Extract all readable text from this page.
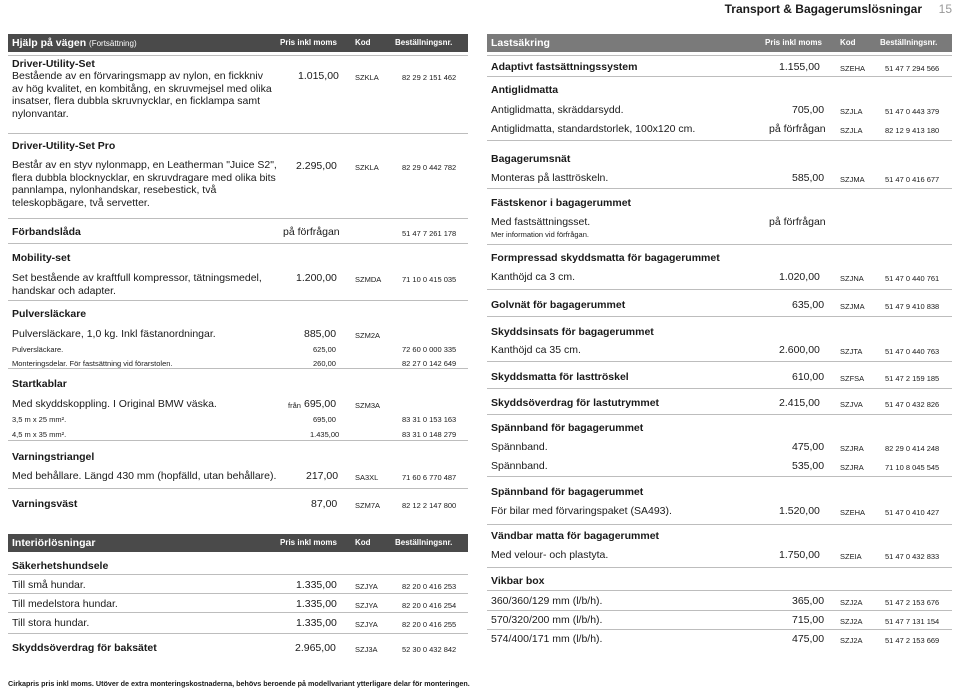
Transport & Bagagerumslösningar 15
Hjälp på vägen (Fortsättning)	Pris inkl moms Kod	Beställningsnr.
Driver-Utility-Set
Bestående av en förvaringsmapp av nylon, en fickkniv av hög kvalitet, en kombitång, en skruvmejsel med olika insatser, flera dubbla skruvnycklar, en ficklampa samt nylonvantar.
1.015,00 SZKLA	82 29 2 151 462
Driver-Utility-Set Pro
Består av en styv nylonmapp, en Leatherman "Juice S2", flera dubbla blocknycklar, en skruvdragare med olika bits pannlampa, nylonhandskar, resebestick, två teleskopbägare, två servetter.
2.295,00 SZKLA	82 29 0 442 782
Förbandslåda	på förfrågan	51 47 7 261 178
Mobility-set
Set bestående av kraftfull kompressor, tätningsmedel, handskar och adapter.
1.200,00 SZMDA	71 10 0 415 035
Pulversläckare
Pulversläckare, 1,0 kg. Inkl fästanordningar.	885,00	SZM2A
Pulversläckare.	625,00	72 60 0 000 335
Monteringsdelar. För fastsättning vid förarstolen.	260,00	82 27 0 142 649
Startkablar
Med skyddskoppling. I Original BMW väska.	från 695,00	SZM3A
3,5 m x 25 mm².	695,00	83 31 0 153 163
4,5 m x 35 mm².	1.435,00	83 31 0 148 279
Varningstriangel
Med behållare. Längd 430 mm (hopfälld, utan behållare).	217,00 SA3XL	71 60 6 770 487
Varningsväst	87,00 SZM7A	82 12 2 147 800
Interiörlösningar	Pris inkl moms Kod	Beställningsnr.
Säkerhetshundsele
Till små hundar.	1.335,00 SZJYA	82 20 0 416 253
Till medelstora hundar.	1.335,00 SZJYA	82 20 0 416 254
Till stora hundar.	1.335,00 SZJYA	82 20 0 416 255
Skyddsöverdrag för baksätet	2.965,00	SZJ3A	52 30 0 432 842
Lastsäkring	Pris inkl moms Kod	Beställningsnr.
Adaptivt fastsättningssystem	1.155,00	SZEHA	51 47 7 294 566
Antiglidmatta
Antiglidmatta, skräddarsydd.	705,00 SZJLA	51 47 0 443 379
Antiglidmatta, standardstorlek, 100x120 cm.	på förfrågan SZJLA	82 12 9 413 180
Bagagerumsnät
Monteras på lasttröskeln.	585,00 SZJMA	51 47 0 416 677
Fästskenor i bagagerummet
Med fastsättningsset.	på förfrågan
Mer information vid förfrågan.
Formpressad skyddsmatta för bagagerummet
Kanthöjd ca 3 cm.	1.020,00	SZJNA	51 47 0 440 761
Golvnät för bagagerummet	635,00 SZJMA	51 47 9 410 838
Skyddsinsats för bagagerummet
Kanthöjd ca 35 cm.	2.600,00	SZJTA	51 47 0 440 763
Skyddsmatta för lasttröskel	610,00 SZFSA	51 47 2 159 185
Skyddsöverdrag för lastutrymmet	2.415,00	SZJVA	51 47 0 432 826
Spännband för bagagerummet
Spännband.	475,00 SZJRA	82 29 0 414 248
Spännband.	535,00 SZJRA	71 10 8 045 545
Spännband för bagagerummet
För bilar med förvaringspaket (SA493).	1.520,00	SZEHA	51 47 0 410 427
Vändbar matta för bagagerummet
Med velour- och plastyta.	1.750,00	SZEIA	51 47 0 432 833
Vikbar box
360/360/129 mm (l/b/h).	365,00 SZJ2A	51 47 2 153 676
570/320/200 mm (l/b/h).	715,00 SZJ2A	51 47 7 131 154
574/400/171 mm (l/b/h).	475,00 SZJ2A	51 47 2 153 669
Cirkapris pris inkl moms. Utöver de extra monteringskostnaderna, behövs beroende på modellvariant ytterligare delar för monteringen.
